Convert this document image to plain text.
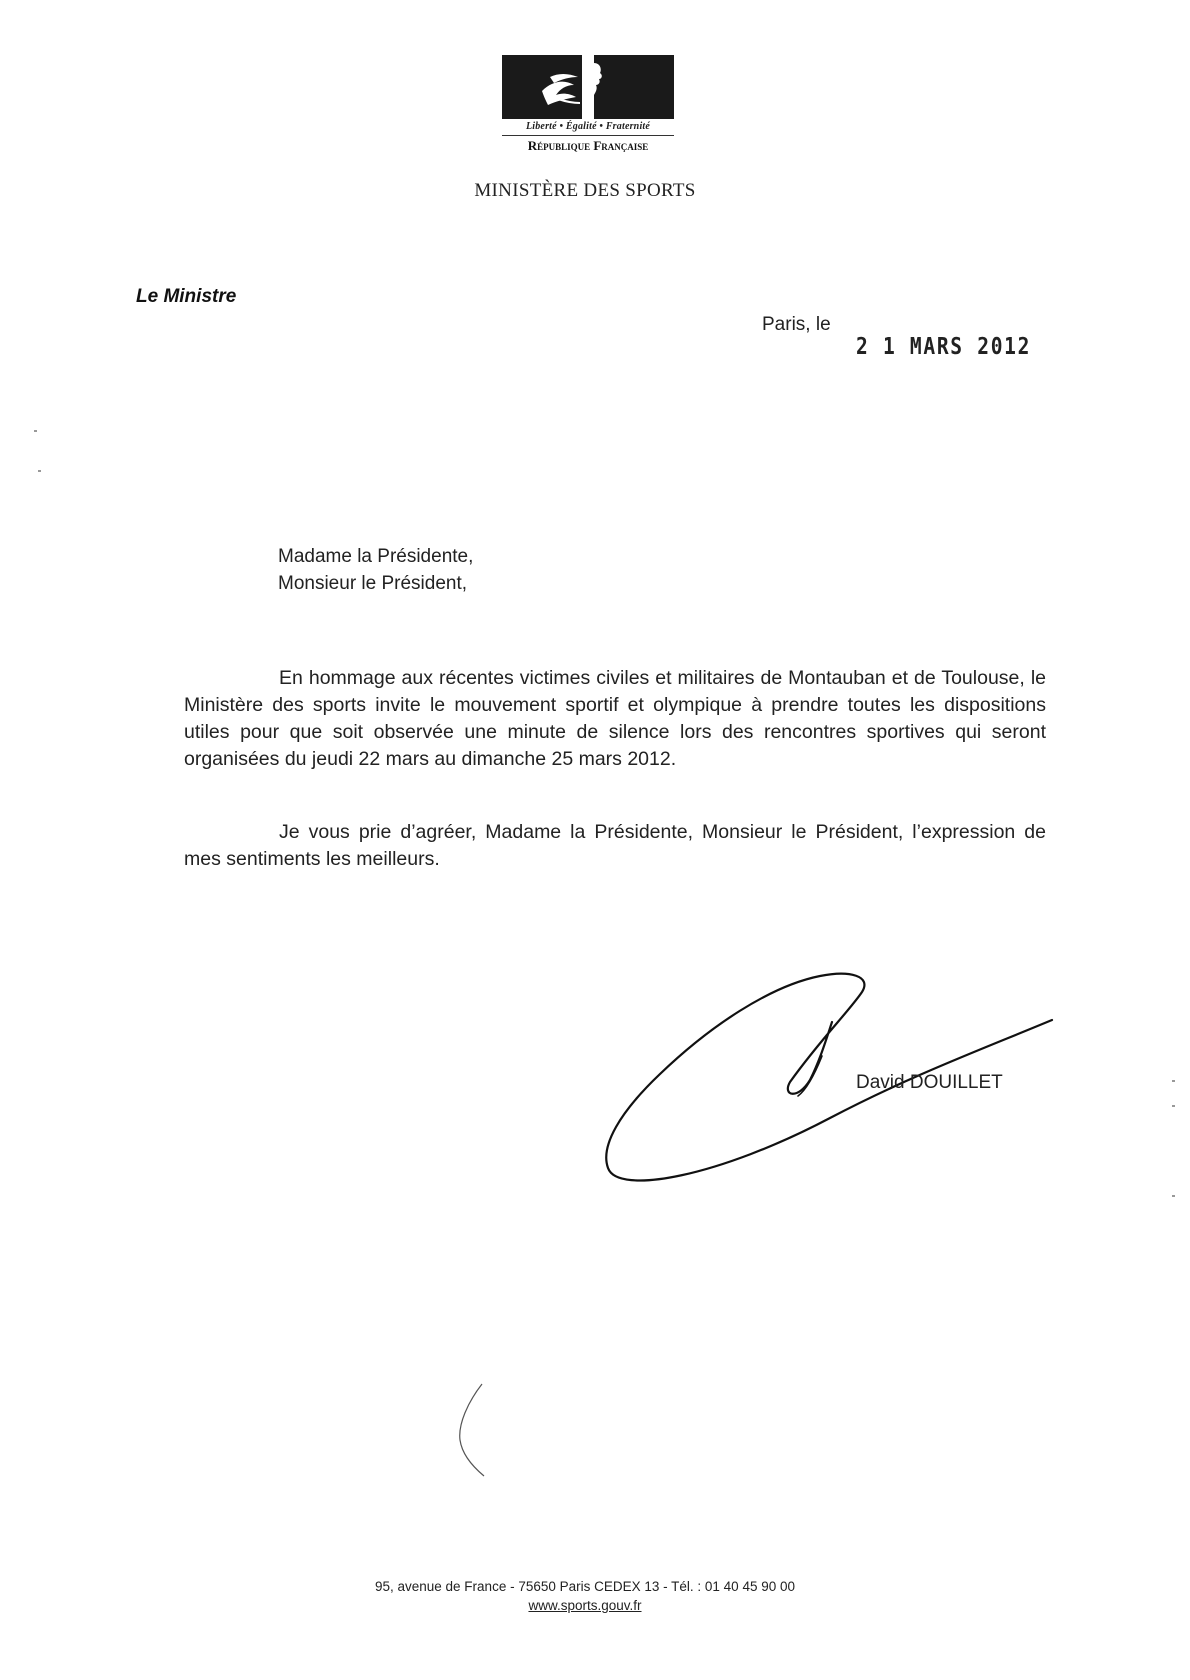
Liberté • Égalité • Fraternité
République Française
MINISTÈRE DES SPORTS
Le Ministre
Paris, le
2 1 MARS 2012
Madame la Présidente,
Monsieur le Président,
En hommage aux récentes victimes civiles et militaires de Montauban et de Toulouse, le Ministère des sports invite le mouvement sportif et olympique à prendre toutes les dispositions utiles pour que soit observée une minute de silence lors des rencontres sportives qui seront organisées du jeudi 22 mars au dimanche 25 mars 2012.
Je vous prie d’agréer, Madame la Présidente, Monsieur le Président, l’expression de mes sentiments les meilleurs.
David DOUILLET
95, avenue de France - 75650 Paris CEDEX 13 - Tél. : 01 40 45 90 00
www.sports.gouv.fr
